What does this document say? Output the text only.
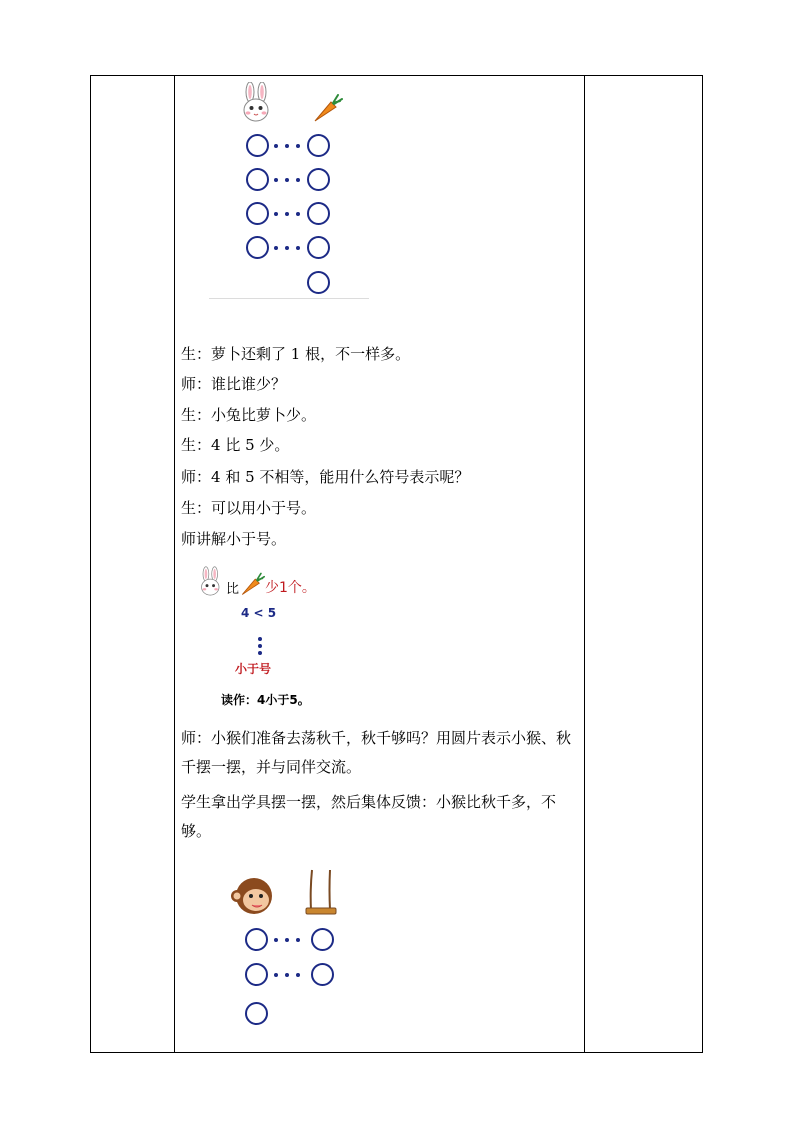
生：萝卜还剩了 1 根，不一样多。
师：谁比谁少？
生：小兔比萝卜少。
生：4 比 5 少。
师：4 和 5 不相等，能用什么符号表示呢？
生：可以用小于号。
师讲解小于号。
比 少1个。
4 < 5
小于号
读作：4小于5。
师：小猴们准备去荡秋千，秋千够吗？用圆片表示小猴、秋千摆一摆，并与同伴交流。
学生拿出学具摆一摆，然后集体反馈：小猴比秋千多，不够。
